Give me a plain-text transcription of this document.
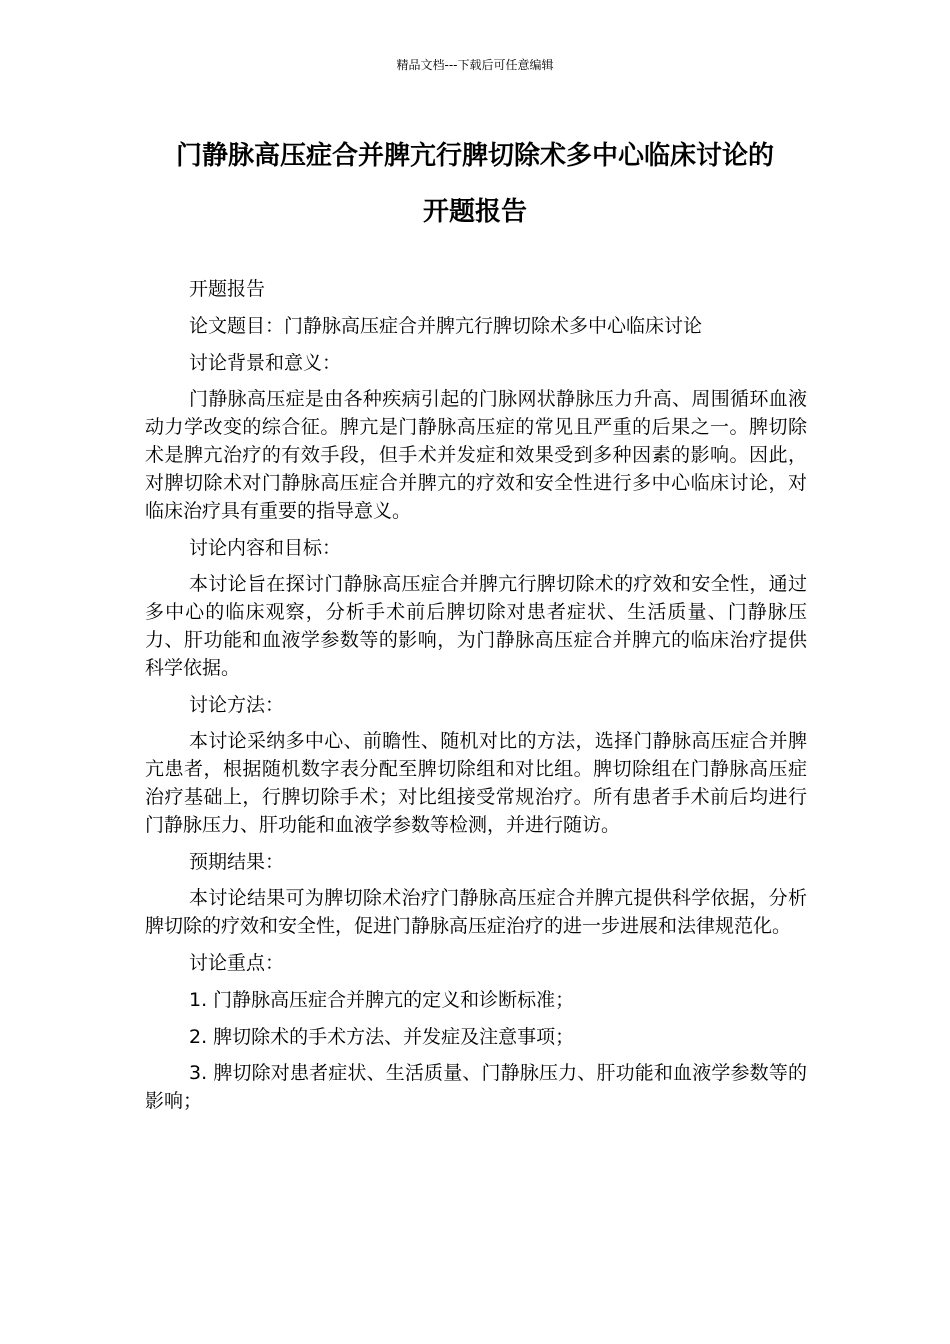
精品文档---下载后可任意编辑
门静脉高压症合并脾亢行脾切除术多中心临床讨论的
开题报告

开题报告

论文题目：门静脉高压症合并脾亢行脾切除术多中心临床讨论

讨论背景和意义：

门静脉高压症是由各种疾病引起的门脉网状静脉压力升高、周围循环血液动力学改变的综合征。脾亢是门静脉高压症的常见且严重的后果之一。脾切除术是脾亢治疗的有效手段，但手术并发症和效果受到多种因素的影响。因此，对脾切除术对门静脉高压症合并脾亢的疗效和安全性进行多中心临床讨论，对临床治疗具有重要的指导意义。

讨论内容和目标：

本讨论旨在探讨门静脉高压症合并脾亢行脾切除术的疗效和安全性，通过多中心的临床观察，分析手术前后脾切除对患者症状、生活质量、门静脉压力、肝功能和血液学参数等的影响，为门静脉高压症合并脾亢的临床治疗提供科学依据。

讨论方法：

本讨论采纳多中心、前瞻性、随机对比的方法，选择门静脉高压症合并脾亢患者，根据随机数字表分配至脾切除组和对比组。脾切除组在门静脉高压症治疗基础上，行脾切除手术；对比组接受常规治疗。所有患者手术前后均进行门静脉压力、肝功能和血液学参数等检测，并进行随访。

预期结果：

本讨论结果可为脾切除术治疗门静脉高压症合并脾亢提供科学依据，分析脾切除的疗效和安全性，促进门静脉高压症治疗的进一步进展和法律规范化。

讨论重点：

1. 门静脉高压症合并脾亢的定义和诊断标准；

2. 脾切除术的手术方法、并发症及注意事项；

3. 脾切除对患者症状、生活质量、门静脉压力、肝功能和血液学参数等的影响；
